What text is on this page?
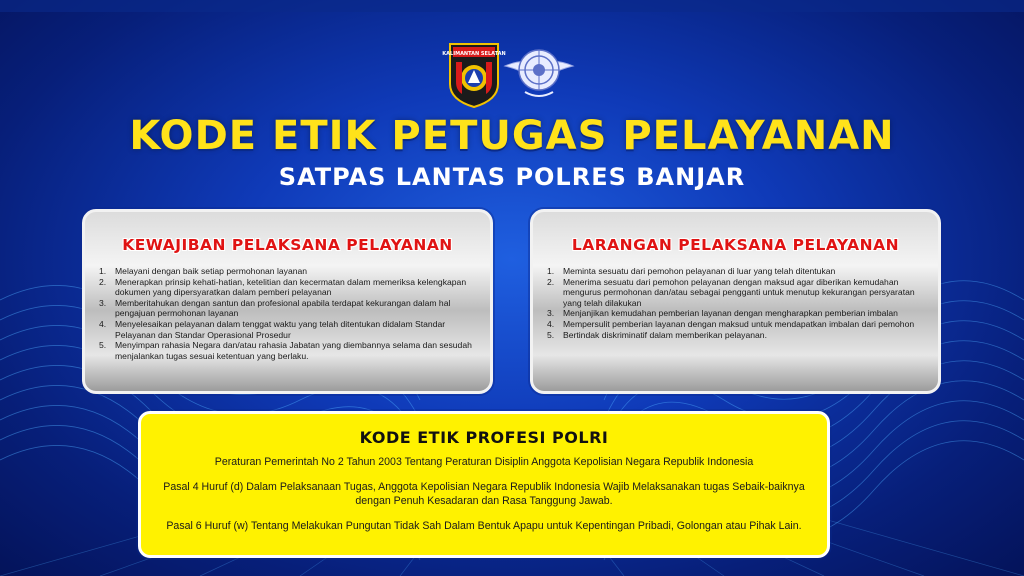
KALIMANTAN SELATAN
KODE ETIK PETUGAS PELAYANAN
SATPAS LANTAS POLRES BANJAR
KEWAJIBAN PELAKSANA PELAYANAN
1. Melayani dengan baik setiap permohonan layanan
2. Menerapkan prinsip kehati-hatian, ketelitian dan kecermatan dalam memeriksa kelengkapan dokumen yang dipersyaratkan dalam pemberi pelayanan
3. Memberitahukan dengan santun dan profesional apabila terdapat kekurangan dalam hal pengajuan permohonan layanan
4. Menyelesaikan pelayanan dalam tenggat waktu yang telah ditentukan didalam Standar Pelayanan dan Standar Operasional Prosedur
5. Menyimpan rahasia Negara dan/atau rahasia Jabatan yang diembannya selama dan sesudah menjalankan tugas sesuai ketentuan yang berlaku.
LARANGAN PELAKSANA PELAYANAN
1. Meminta sesuatu dari pemohon pelayanan di luar yang telah ditentukan
2. Menerima sesuatu dari pemohon pelayanan dengan maksud agar diberikan kemudahan mengurus permohonan dan/atau sebagai pengganti untuk menutup kekurangan persyaratan yang telah dilakukan
3. Menjanjikan kemudahan pemberian layanan dengan mengharapkan pemberian imbalan
4. Mempersulit pemberian layanan dengan maksud untuk mendapatkan imbalan dari pemohon
5. Bertindak diskriminatif dalam memberikan pelayanan.
KODE ETIK PROFESI POLRI
Peraturan Pemerintah No 2 Tahun 2003 Tentang Peraturan Disiplin Anggota Kepolisian Negara Republik Indonesia
Pasal 4 Huruf (d) Dalam Pelaksanaan Tugas, Anggota Kepolisian Negara Republik Indonesia Wajib Melaksanakan tugas Sebaik-baiknya dengan Penuh Kesadaran dan Rasa Tanggung Jawab.
Pasal 6 Huruf (w) Tentang Melakukan Pungutan Tidak Sah Dalam Bentuk Apapu untuk Kepentingan Pribadi, Golongan atau Pihak Lain.
